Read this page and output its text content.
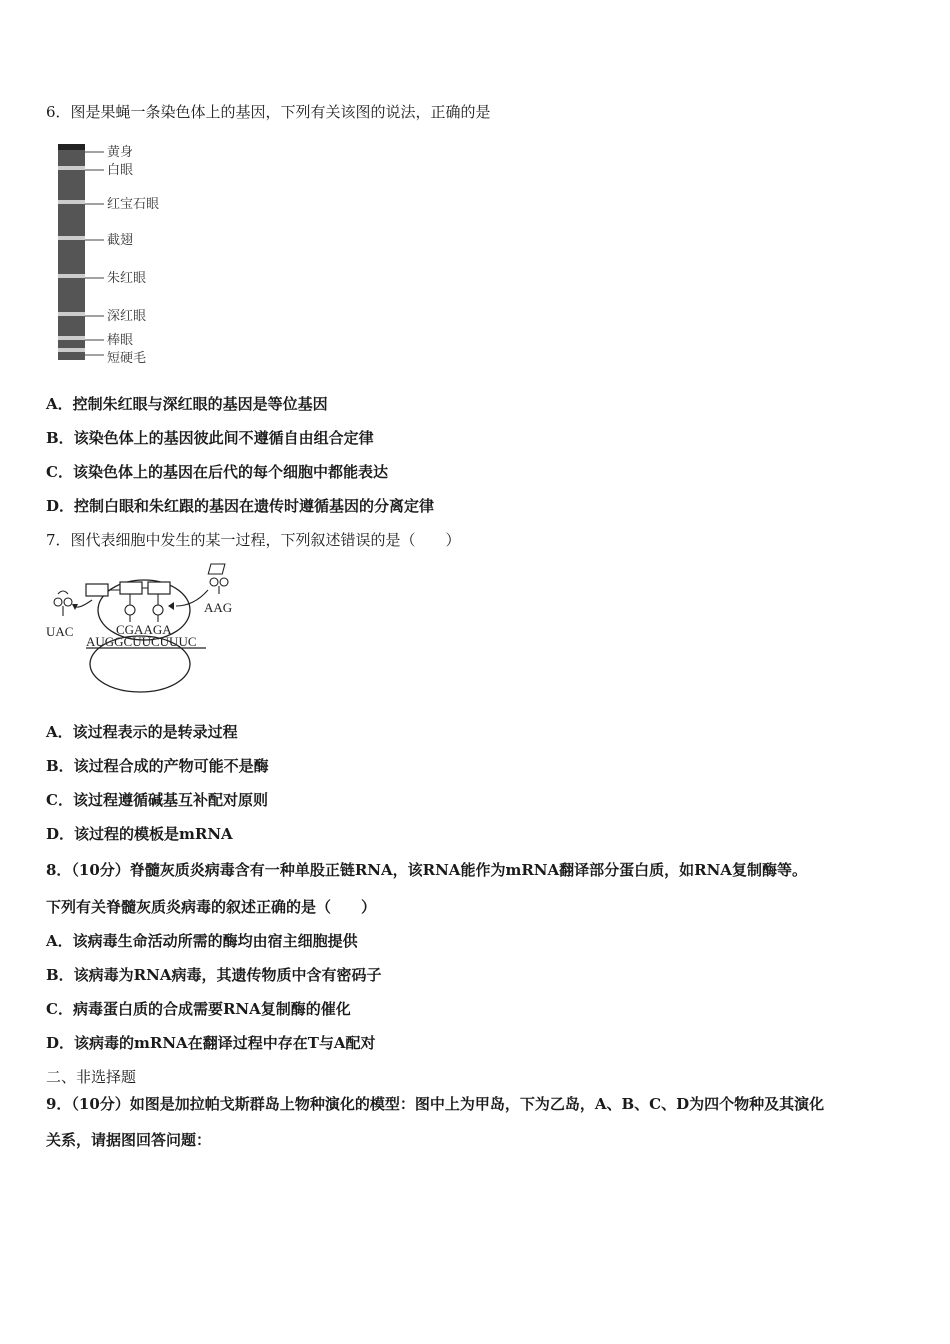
6．图是果蝇一条染色体上的基因，下列有关该图的说法，正确的是
黄身
白眼
红宝石眼
截翅
朱红眼
深红眼
棒眼
短硬毛
A．控制朱红眼与深红眼的基因是等位基因
B．该染色体上的基因彼此间不遵循自由组合定律
C．该染色体上的基因在后代的每个细胞中都能表达
D．控制白眼和朱红跟的基因在遗传时遵循基因的分离定律
7．图代表细胞中发生的某一过程，下列叙述错误的是（　　）
UAC
AAG
CGAAGA
AUGGCUUCUUUC
A．该过程表示的是转录过程
B．该过程合成的产物可能不是酶
C．该过程遵循碱基互补配对原则
D．该过程的模板是mRNA
8．（10分）脊髓灰质炎病毒含有一种单股正链RNA，该RNA能作为mRNA翻译部分蛋白质，如RNA复制酶等。
下列有关脊髓灰质炎病毒的叙述正确的是（　　）
A．该病毒生命活动所需的酶均由宿主细胞提供
B．该病毒为RNA病毒，其遗传物质中含有密码子
C．病毒蛋白质的合成需要RNA复制酶的催化
D．该病毒的mRNA在翻译过程中存在T与A配对
二、非选择题
9．（10分）如图是加拉帕戈斯群岛上物种演化的模型：图中上为甲岛，下为乙岛，A、B、C、D为四个物种及其演化
关系，请据图回答问题：
